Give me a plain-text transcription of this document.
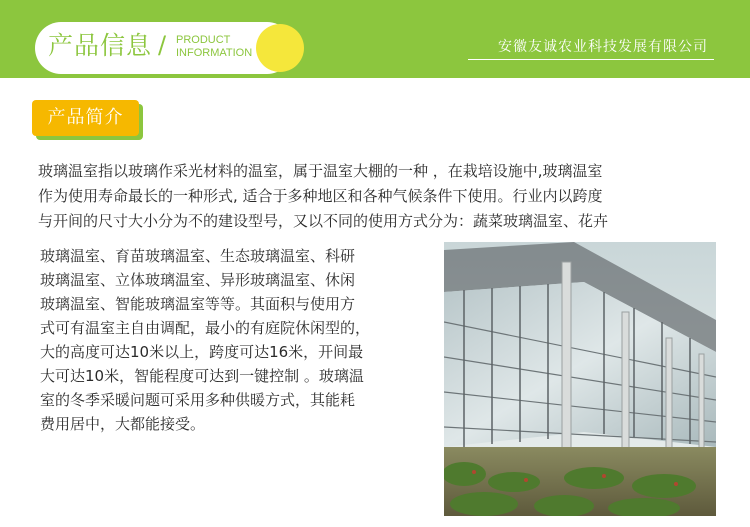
产品信息 / PRODUCT
INFORMATION	安徽友诚农业科技发展有限公司
产品简介
玻璃温室指以玻璃作采光材料的温室，属于温室大棚的一种 ，在栽培设施中,玻璃温室
作为使用寿命最长的一种形式, 适合于多种地区和各种气候条件下使用。行业内以跨度
与开间的尺寸大小分为不的建设型号，又以不同的使用方式分为：蔬菜玻璃温室、花卉
玻璃温室、育苗玻璃温室、生态玻璃温室、科研
玻璃温室、立体玻璃温室、异形玻璃温室、休闲
玻璃温室、智能玻璃温室等等。其面积与使用方
式可有温室主自由调配，最小的有庭院休闲型的，
大的高度可达10米以上，跨度可达16米，开间最
大可达10米，智能程度可达到一键控制 。玻璃温
室的冬季采暖问题可采用多种供暖方式，其能耗
费用居中，大都能接受。
